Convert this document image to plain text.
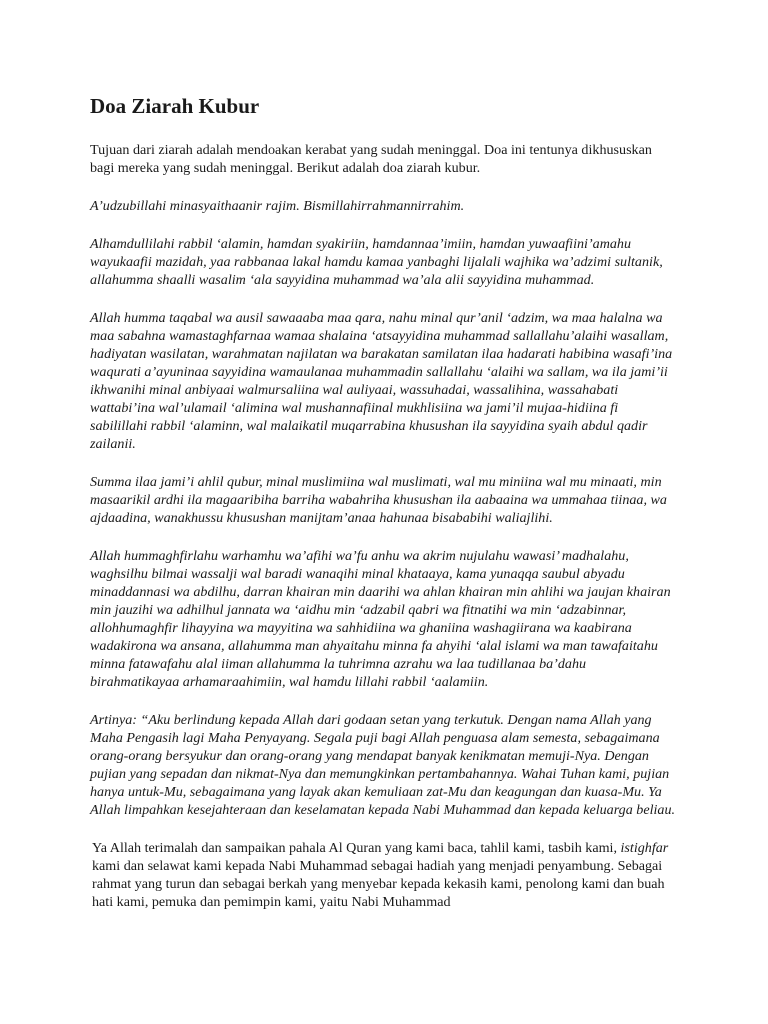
Doa Ziarah Kubur

Tujuan dari ziarah adalah mendoakan kerabat yang sudah meninggal. Doa ini tentunya dikhususkan bagi mereka yang sudah meninggal. Berikut adalah doa ziarah kubur.

A’udzubillahi minasyaithaanir rajim. Bismillahirrahmannirrahim.

Alhamdullilahi rabbil ‘alamin, hamdan syakiriin, hamdannaa’imiin, hamdan yuwaafiini’amahu wayukaafii mazidah, yaa rabbanaa lakal hamdu kamaa yanbaghi lijalali wajhika wa’adzimi sultanik, allahumma shaalli wasalim ‘ala sayyidina muhammad wa’ala alii sayyidina muhammad.

Allah humma taqabal wa ausil sawaaaba maa qara, nahu minal qur’anil ‘adzim, wa maa halalna wa maa sabahna wamastaghfarnaa wamaa shalaina ‘atsayyidina muhammad sallallahu’alaihi wasallam, hadiyatan wasilatan, warahmatan najilatan wa barakatan samilatan ilaa hadarati habibina wasafi’ina waqurati a’ayuninaa sayyidina wamaulanaa muhammadin sallallahu ‘alaihi wa sallam, wa ila jami’ii ikhwanihi minal anbiyaai walmursaliina wal auliyaai, wassuhadai, wassalihina, wassahabati wattabi’ina wal’ulamail ‘alimina wal mushannafiinal mukhlisiina wa jami’il mujaa-hidiina fi sabilillahi rabbil ‘alaminn, wal malaikatil muqarrabina khusushan ila sayyidina syaih abdul qadir zailanii.

Summa ilaa jami’i ahlil qubur, minal muslimiina wal muslimati, wal mu miniina wal mu minaati, min masaarikil ardhi ila magaaribiha barriha wabahriha khusushan ila aabaaina wa ummahaa tiinaa, wa ajdaadina, wanakhussu khusushan manijtam’anaa hahunaa bisababihi waliajlihi.

Allah hummaghfirlahu warhamhu wa’afihi wa’fu anhu wa akrim nujulahu wawasi’ madhalahu, waghsilhu bilmai wassalji wal baradi wanaqihi minal khataaya, kama yunaqqa saubul abyadu minaddannasi wa abdilhu, darran khairan min daarihi wa ahlan khairan min ahlihi wa jaujan khairan min jauzihi wa adhilhul jannata wa ‘aidhu min ‘adzabil qabri wa fitnatihi wa min ‘adzabinnar, allohhumaghfir lihayyina wa mayyitina wa sahhidiina wa ghaniina washagiirana wa kaabirana wadakirona wa ansana, allahumma man ahyaitahu minna fa ahyihi ‘alal islami wa man tawafaitahu minna fatawafahu alal iiman allahumma la tuhrimna azrahu wa laa tudillanaa ba’dahu birahmatikayaa arhamaraahimiin, wal hamdu lillahi rabbil ‘aalamiin.

Artinya: “Aku berlindung kepada Allah dari godaan setan yang terkutuk. Dengan nama Allah yang Maha Pengasih lagi Maha Penyayang. Segala puji bagi Allah penguasa alam semesta, sebagaimana orang-orang bersyukur dan orang-orang yang mendapat banyak kenikmatan memuji-Nya. Dengan pujian yang sepadan dan nikmat-Nya dan memungkinkan pertambahannya. Wahai Tuhan kami, pujian hanya untuk-Mu, sebagaimana yang layak akan kemuliaan zat-Mu dan keagungan dan kuasa-Mu. Ya Allah limpahkan kesejahteraan dan keselamatan kepada Nabi Muhammad dan kepada keluarga beliau.

Ya Allah terimalah dan sampaikan pahala Al Quran yang kami baca, tahlil kami, tasbih kami, istighfar kami dan selawat kami kepada Nabi Muhammad sebagai hadiah yang menjadi penyambung. Sebagai rahmat yang turun dan sebagai berkah yang menyebar kepada kekasih kami, penolong kami dan buah hati kami, pemuka dan pemimpin kami, yaitu Nabi Muhammad
